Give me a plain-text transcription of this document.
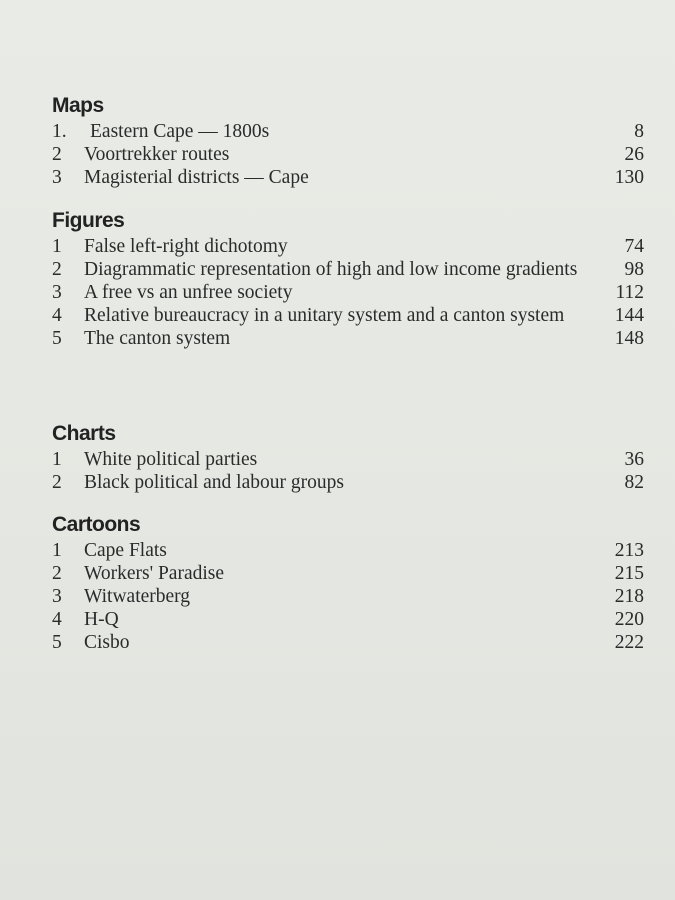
Maps
1.	Eastern Cape — 1800s	8
2	Voortrekker routes	26
3	Magisterial districts — Cape	130
Figures
1	False left-right dichotomy	74
2	Diagrammatic representation of high and low income gradients	98
3	A free vs an unfree society	112
4	Relative bureaucracy in a unitary system and a canton system	144
5	The canton system	148
Charts
1	White political parties	36
2	Black political and labour groups	82
Cartoons
1	Cape Flats	213
2	Workers' Paradise	215
3	Witwaterberg	218
4	H-Q	220
5	Cisbo	222
